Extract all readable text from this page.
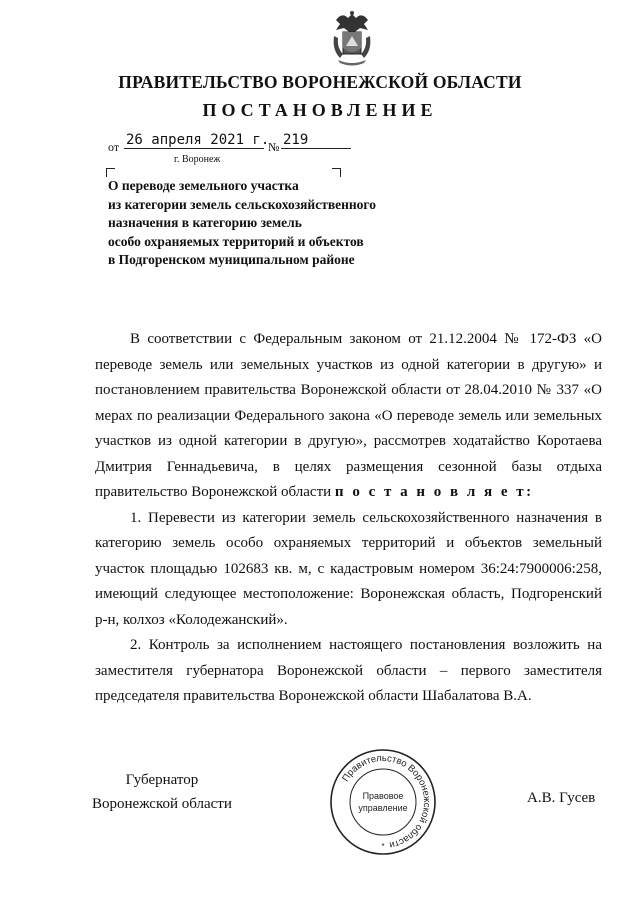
ПРАВИТЕЛЬСТВО ВОРОНЕЖСКОЙ ОБЛАСТИ
ПОСТАНОВЛЕНИЕ
от 26 апреля 2021 г.
№ 219
г. Воронеж
О переводе земельного участка
из категории земель сельскохозяйственного
назначения в категорию земель
особо охраняемых территорий и объектов
в Подгоренском муниципальном районе

В соответствии с Федеральным законом от 21.12.2004 № 172-ФЗ «О переводе земель или земельных участков из одной категории в другую» и постановлением правительства Воронежской области от 28.04.2010 № 337 «О мерах по реализации Федерального закона «О переводе земель или земельных участков из одной категории в другую», рассмотрев ходатайство Коротаева Дмитрия Геннадьевича, в целях размещения сезонной базы отдыха правительство Воронежской области п о с т а н о в л я е т:

1. Перевести из категории земель сельскохозяйственного назначения в категорию земель особо охраняемых территорий и объектов земельный участок площадью 102683 кв. м, с кадастровым номером 36:24:7900006:258, имеющий следующее местоположение: Воронежская область, Подгоренский р-н, колхоз «Колодежанский».

2. Контроль за исполнением настоящего постановления возложить на заместителя губернатора Воронежской области – первого заместителя председателя правительства Воронежской области Шабалатова В.А.

Губернатор
Воронежской области	А.В. Гусев
Правительство Воронежской области
Правовое
управление
*
